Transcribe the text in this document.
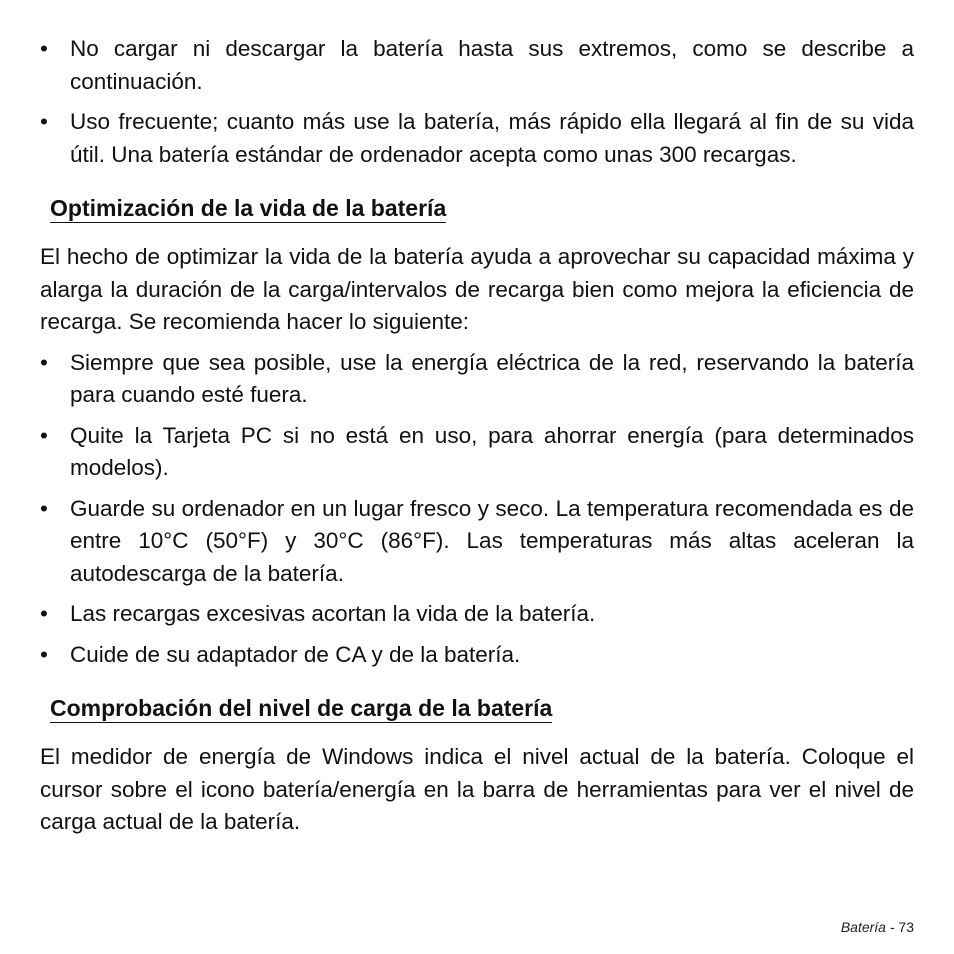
• No cargar ni descargar la batería hasta sus extremos, como se describe a continuación.
• Uso frecuente; cuanto más use la batería, más rápido ella llegará al fin de su vida útil. Una batería estándar de ordenador acepta como unas 300 recargas.
Optimización de la vida de la batería

El hecho de optimizar la vida de la batería ayuda a aprovechar su capacidad máxima y alarga la duración de la carga/intervalos de recarga bien como mejora la eficiencia de recarga. Se recomienda hacer lo siguiente:

• Siempre que sea posible, use la energía eléctrica de la red, reservando la batería para cuando esté fuera.
• Quite la Tarjeta PC si no está en uso, para ahorrar energía (para determinados modelos).
• Guarde su ordenador en un lugar fresco y seco. La temperatura recomendada es de entre 10°C (50°F) y 30°C (86°F). Las temperaturas más altas aceleran la autodescarga de la batería.
• Las recargas excesivas acortan la vida de la batería.
• Cuide de su adaptador de CA y de la batería.
Comprobación del nivel de carga de la batería

El medidor de energía de Windows indica el nivel actual de la batería. Coloque el cursor sobre el icono batería/energía en la barra de herramientas para ver el nivel de carga actual de la batería.

Batería - 73
